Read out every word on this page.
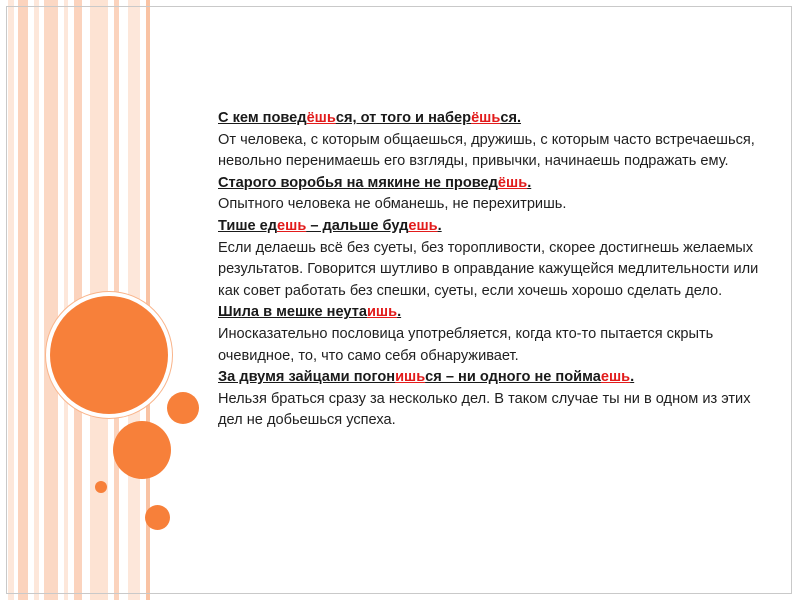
С кем поведёшься, от того и наберёшься.

От человека, с которым общаешься, дружишь, с которым часто встречаешься, невольно перенимаешь его взгляды, привычки, начинаешь подражать ему.

Старого воробья на мякине не проведёшь.

Опытного человека не обманешь, не перехитришь.

Тише едешь – дальше будешь.

Если делаешь всё без суеты, без торопливости, скорее достигнешь желаемых результатов. Говорится шутливо в оправдание кажущейся медлительности или как совет работать без спешки, суеты, если хочешь хорошо сделать дело.

Шила в мешке неутаишь.

Иносказательно пословица употребляется, когда кто-то пытается скрыть очевидное, то, что само себя обнаруживает.

За двумя зайцами погонишься – ни одного не поймаешь.

Нельзя браться сразу за несколько дел. В таком случае ты ни в одном из этих дел не добьешься успеха.
